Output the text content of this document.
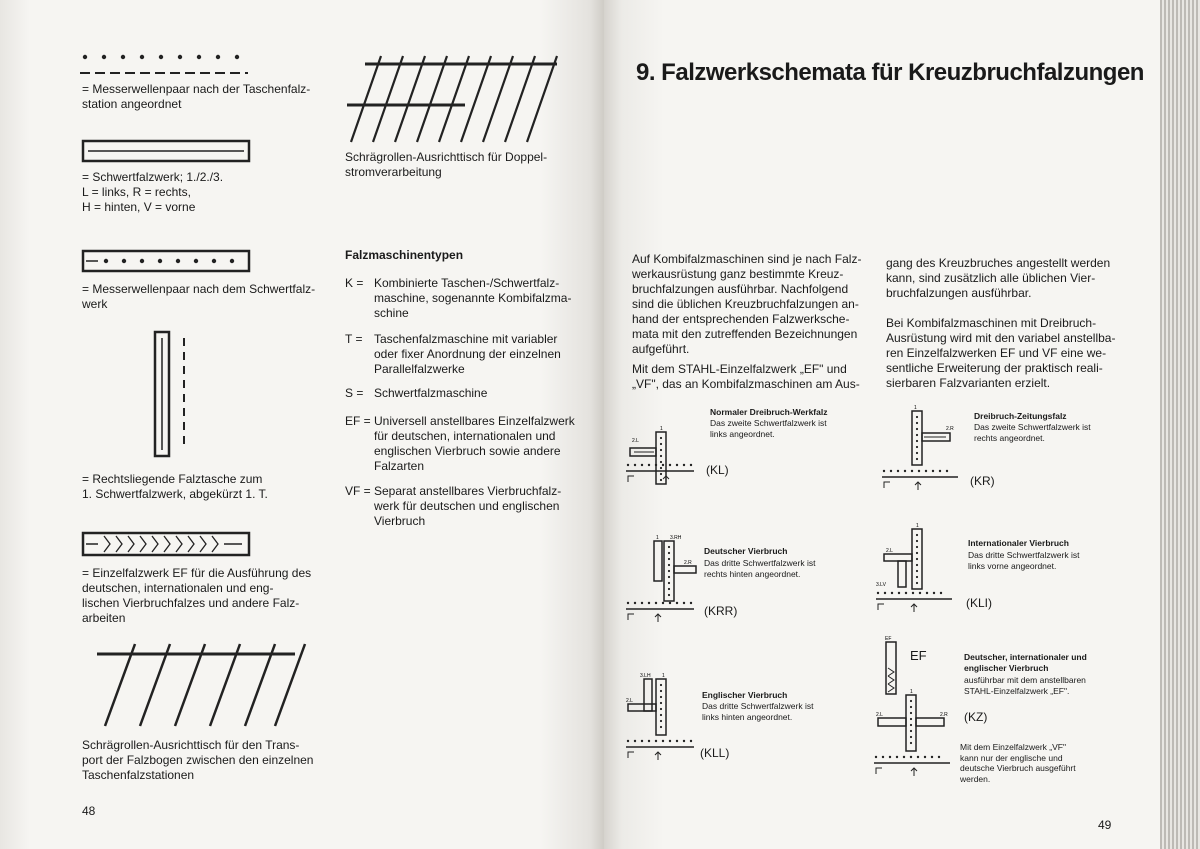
= Messerwellenpaar nach der Taschenfalz-
station angeordnet

= Schwertfalzwerk; 1./2./3.
L = links, R = rechts,
H = hinten, V = vorne

= Messerwellenpaar nach dem Schwertfalz-
werk

= Rechtsliegende Falztasche zum
1. Schwertfalzwerk, abgekürzt 1. T.

= Einzelfalzwerk EF für die Ausführung des
deutschen, internationalen und eng-
lischen Vierbruchfalzes und andere Falz-
arbeiten

Schrägrollen-Ausrichttisch für den Trans-
port der Falzbogen zwischen den einzelnen
Taschenfalzstationen

Schrägrollen-Ausrichttisch für Doppel-
stromverarbeitung

Falzmaschinentypen

K = Kombinierte Taschen-/Schwertfalz-
maschine, sogenannte Kombifalzma-
schine

T = Taschenfalzmaschine mit variabler
oder fixer Anordnung der einzelnen
Parallelfalzwerke

S = Schwertfalzmaschine

EF = Universell anstellbares Einzelfalzwerk
für deutschen, internationalen und
englischen Vierbruch sowie andere
Falzarten

VF = Separat anstellbares Vierbruchfalz-
werk für deutschen und englischen
Vierbruch

48

9. Falzwerkschemata für Kreuzbruchfalzungen

Auf Kombifalzmaschinen sind je nach Falz-
werkausrüstung ganz bestimmte Kreuz-
bruchfalzungen ausführbar. Nachfolgend
sind die üblichen Kreuzbruchfalzungen an-
hand der entsprechenden Falzwerksche-
mata mit den zutreffenden Bezeichnungen
aufgeführt.

Mit dem STAHL-Einzelfalzwerk „EF" und
„VF", das an Kombifalzmaschinen am Aus-

gang des Kreuzbruches angestellt werden
kann, sind zusätzlich alle üblichen Vier-
bruchfalzungen ausführbar.

Bei Kombifalzmaschinen mit Dreibruch-
Ausrüstung wird mit den variabel anstellba-
ren Einzelfalzwerken EF und VF eine we-
sentliche Erweiterung der praktisch reali-
sierbaren Falzvarianten erzielt.

1
2.L

(KL)

Normaler Dreibruch-Werkfalz

Das zweite Schwertfalzwerk ist
links angeordnet.

1
2.R

(KR)

Dreibruch-Zeitungsfalz

Das zweite Schwertfalzwerk ist
rechts angeordnet.

1 3.RH
2.R

(KRR)

Deutscher Vierbruch

Das dritte Schwertfalzwerk ist
rechts hinten angeordnet.

1
2.L
3.LV

(KLI)

Internationaler Vierbruch

Das dritte Schwertfalzwerk ist
links vorne angeordnet.

3.LH 1
2.L

(KLL)

Englischer Vierbruch

Das dritte Schwertfalzwerk ist
links hinten angeordnet.

EF

EF

1
2.L	2.R (KZ)

Deutscher, internationaler und
englischer Vierbruch

ausführbar mit dem anstellbaren
STAHL-Einzelfalzwerk „EF".

Mit dem Einzelfalzwerk „VF"
kann nur der englische und
deutsche Vierbruch ausgeführt
werden.

49
